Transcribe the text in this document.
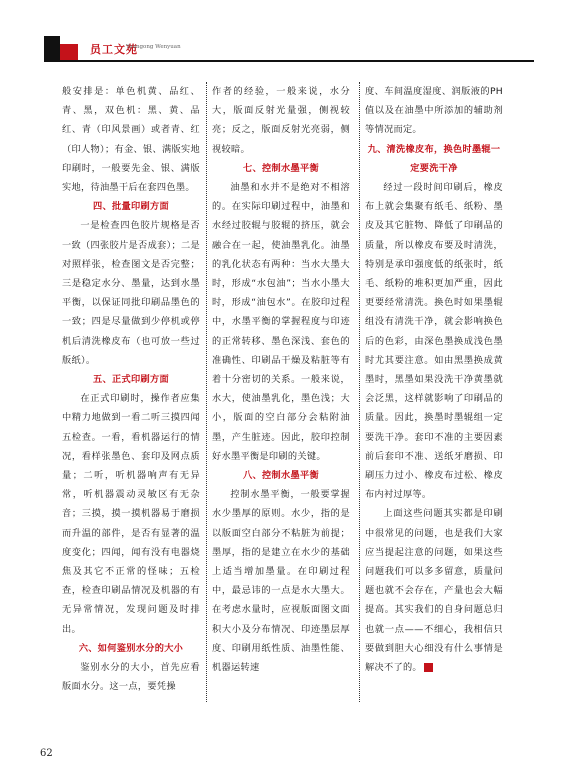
员工文苑
Yuangong Wenyuan

般安排是：单色机黄、品红、青、黑，双色机：黑、黄、品红、青（印风景画）或者青、红（印人物）；有金、银、满版实地印刷时，一般要先金、银、满版实地，待油墨干后在套四色墨。

四、批量印刷方面

一是检查四色胶片规格是否一致（四张胶片是否成套）；二是对照样张，检查图文是否完整；三是稳定水分、墨量，达到水墨平衡，以保证同批印刷品墨色的一致；四是尽量做到少停机或停机后清洗橡皮布（也可放一些过版纸）。

五、正式印刷方面

在正式印刷时，操作者应集中精力地做到一看二听三摸四闻五检查。一看，看机器运行的情况，看样张墨色、套印及网点质量；二听，听机器响声有无异常，听机器震动灵敏区有无杂音；三摸，摸一摸机器易于磨损而升温的部件，是否有显著的温度变化；四闻，闻有没有电器烧焦及其它不正常的怪味；五检查，检查印刷品情况及机器的有无异常情况，发现问题及时排出。

六、如何鉴别水分的大小

鉴别水分的大小，首先应看版面水分。这一点，要凭操

作者的经验，一般来说，水分大，版面反射光量强，侧视较亮；反之，版面反射光亮弱，侧视较暗。

七、控制水墨平衡

油墨和水并不是绝对不相溶的。在实际印刷过程中，油墨和水经过胶辊与胶辊的挤压，就会融合在一起，使油墨乳化。油墨的乳化状态有两种：当水大墨大时，形成“水包油”；当水小墨大时，形成“油包水”。在胶印过程中，水墨平衡的掌握程度与印迹的正常转移、墨色深浅、套色的准确性、印刷品干燥及粘脏等有着十分密切的关系。一般来说，水大，使油墨乳化，墨色浅；大小，版面的空白部分会粘附油墨，产生脏迹。因此，胶印控制好水墨平衡是印刷的关键。

八、控制水墨平衡

控制水墨平衡，一般要掌握水少墨厚的原则。水少，指的是以版面空白部分不粘脏为前提；墨厚，指的是建立在水少的基础上适当增加墨量。在印刷过程中，最忌讳的一点是水大墨大。在考虑水量时，应视版面图文面积大小及分布情况、印迹墨层厚度、印刷用纸性质、油墨性能、机器运转速

度、车间温度湿度、润版液的PH值以及在油墨中所添加的辅助剂等情况而定。

九、清洗橡皮布，换色时墨辊一定要洗干净

经过一段时间印刷后，橡皮布上就会集聚有纸毛、纸粉、墨皮及其它脏物、降低了印刷品的质量，所以橡皮布要及时清洗，特别是承印强度低的纸张时，纸毛、纸粉的堆积更加严重，因此更要经常清洗。换色时如果墨辊组没有清洗干净，就会影响换色后的色彩，由深色墨换成浅色墨时尤其要注意。如由黑墨换成黄墨时，黑墨如果没洗干净黄墨就会泛黑，这样就影响了印刷品的质量。因此，换墨时墨辊组一定要洗干净。套印不准的主要因素前后套印不准、送纸牙磨损、印刷压力过小、橡皮布过松、橡皮布内衬过厚等。

上面这些问题其实都是印刷中很常见的问题，也是我们大家应当提起注意的问题，如果这些问题我们可以多多留意，质量问题也就不会存在，产量也会大幅提高。其实我们的自身问题总归也就一点——不细心，我相信只要做到胆大心细没有什么事情是解决不了的。	❀

62
